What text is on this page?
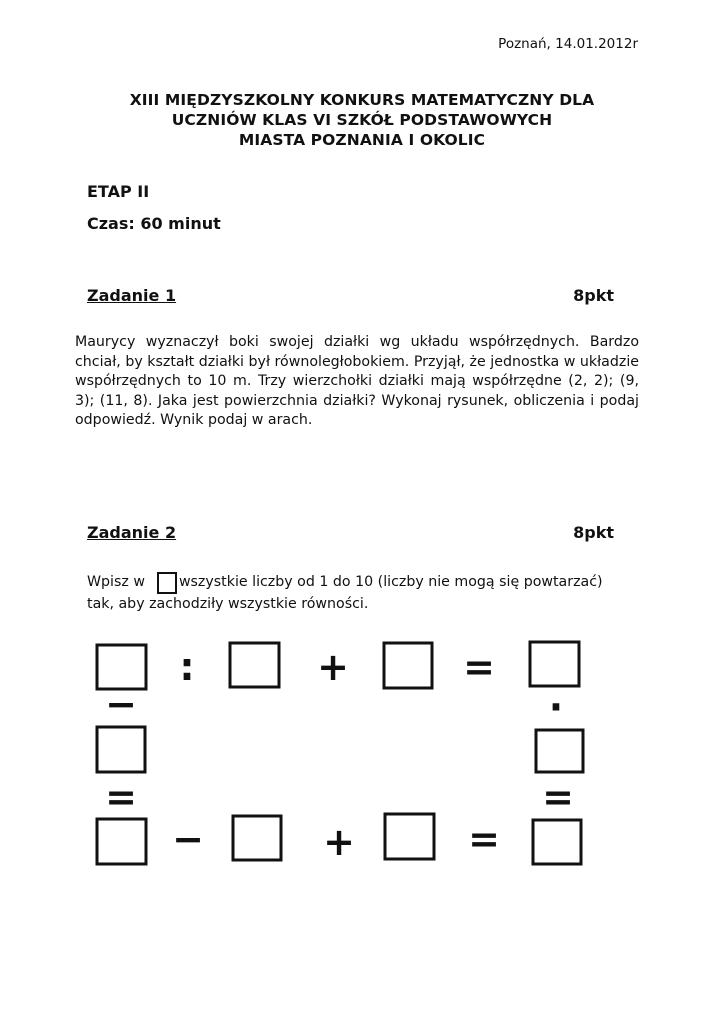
Poznań, 14.01.2012r
XIII MIĘDZYSZKOLNY KONKURS MATEMATYCZNY DLA
UCZNIÓW KLAS VI SZKÓŁ PODSTAWOWYCH
MIASTA POZNANIA I OKOLIC
ETAP II
Czas: 60 minut
Zadanie 1	8pkt
Maurycy wyznaczył boki swojej działki wg układu współrzędnych. Bardzo chciał, by kształt działki był równoległobokiem. Przyjął, że jednostka w układzie współrzędnych to 10 m. Trzy wierzchołki działki mają współrzędne (2, 2); (9, 3); (11, 8). Jaka jest powierzchnia działki? Wykonaj rysunek, obliczenia i podaj odpowiedź. Wynik podaj w arach.
Zadanie 2	8pkt
Wpisz w wszystkie liczby od 1 do 10 (liczby nie mogą się powtarzać) tak, aby zachodziły wszystkie równości.
:	+	=
−
=
·
=
−	+	=
